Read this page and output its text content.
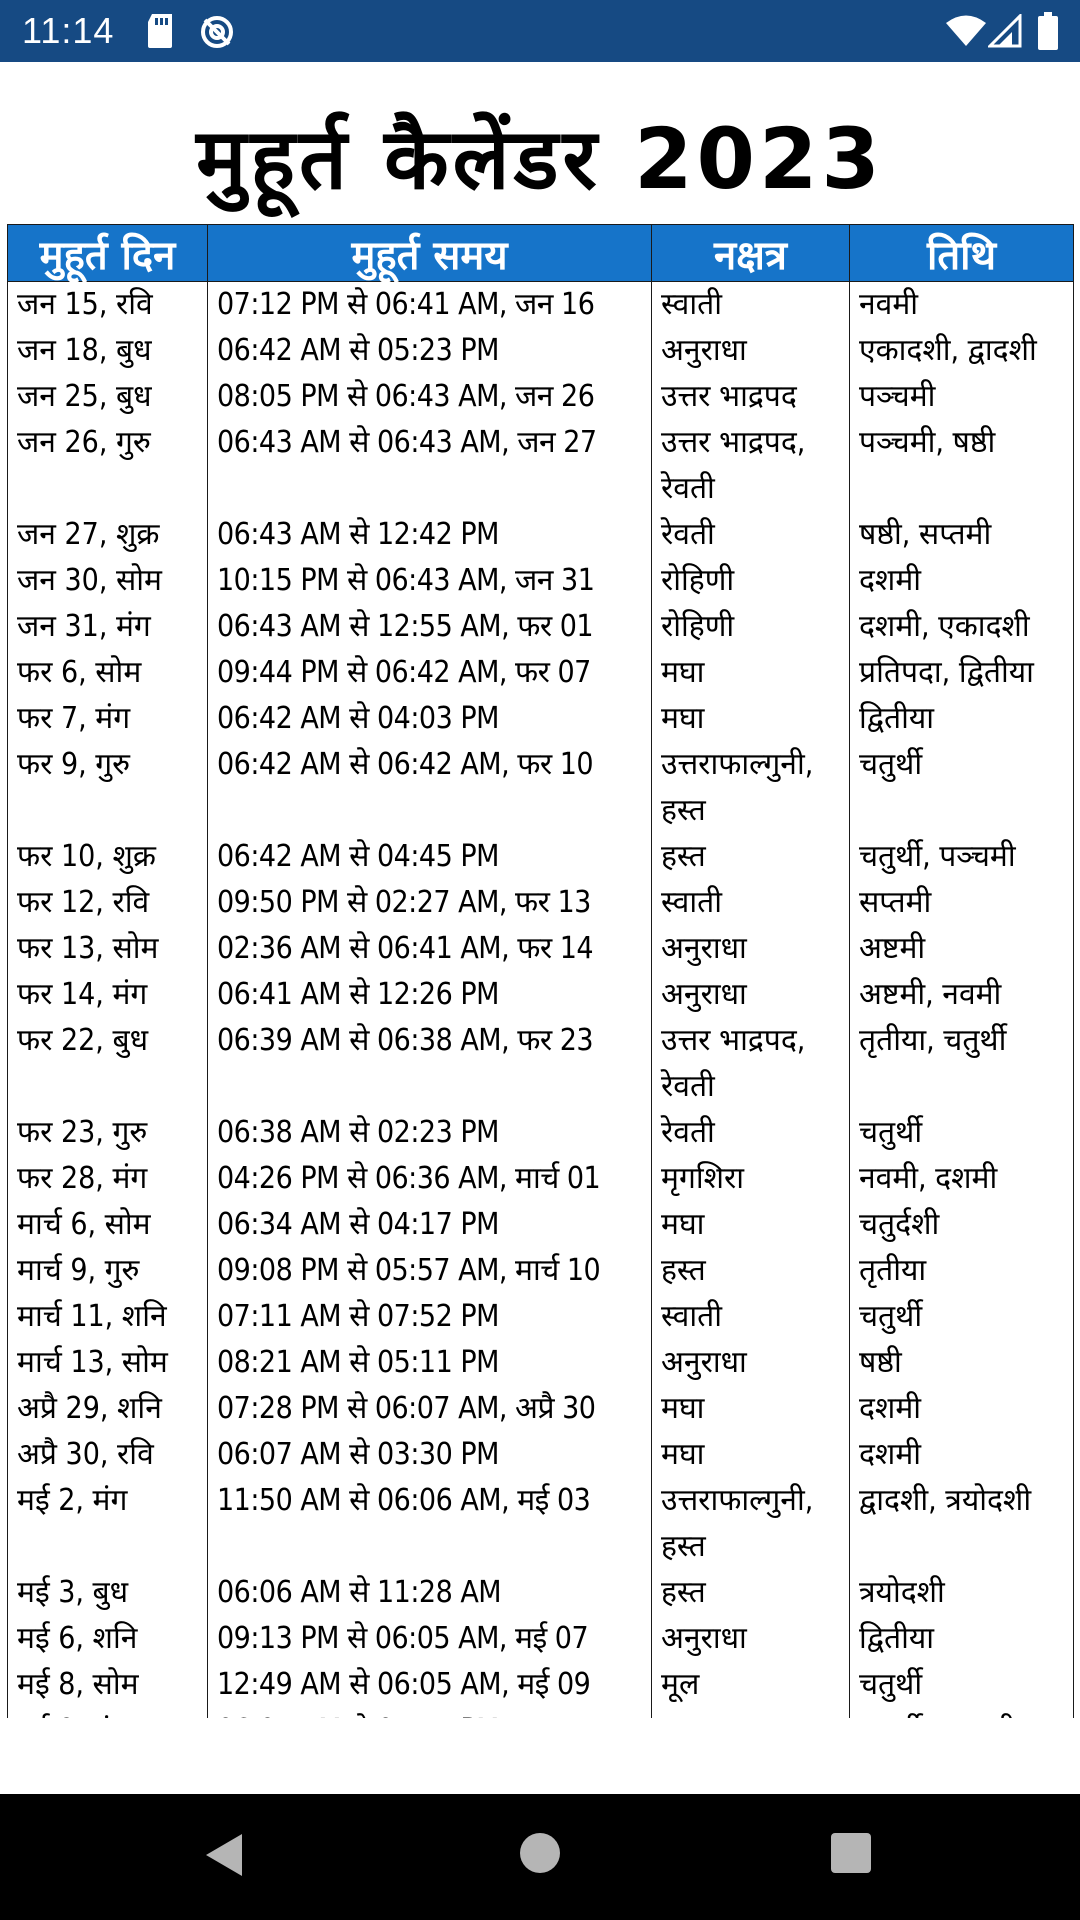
11:14
मुहूर्त कैलेंडर 2023
मुहूर्त दिन	मुहूर्त समय	नक्षत्र	तिथि
जन 15, रवि	07:12 PM से 06:41 AM, जन 16	स्वाती	नवमी
जन 18, बुध	06:42 AM से 05:23 PM	अनुराधा	एकादशी, द्वादशी
जन 25, बुध	08:05 PM से 06:43 AM, जन 26	उत्तर भाद्रपद	पञ्चमी
जन 26, गुरु	06:43 AM से 06:43 AM, जन 27	उत्तर भाद्रपद, रेवती	पञ्चमी, षष्ठी
जन 27, शुक्र	06:43 AM से 12:42 PM	रेवती	षष्ठी, सप्तमी
जन 30, सोम	10:15 PM से 06:43 AM, जन 31	रोहिणी	दशमी
जन 31, मंग	06:43 AM से 12:55 AM, फर 01	रोहिणी	दशमी, एकादशी
फर 6, सोम	09:44 PM से 06:42 AM, फर 07	मघा	प्रतिपदा, द्वितीया
फर 7, मंग	06:42 AM से 04:03 PM	मघा	द्वितीया
फर 9, गुरु	06:42 AM से 06:42 AM, फर 10	उत्तराफाल्गुनी, हस्त	चतुर्थी
फर 10, शुक्र	06:42 AM से 04:45 PM	हस्त	चतुर्थी, पञ्चमी
फर 12, रवि	09:50 PM से 02:27 AM, फर 13	स्वाती	सप्तमी
फर 13, सोम	02:36 AM से 06:41 AM, फर 14	अनुराधा	अष्टमी
फर 14, मंग	06:41 AM से 12:26 PM	अनुराधा	अष्टमी, नवमी
फर 22, बुध	06:39 AM से 06:38 AM, फर 23	उत्तर भाद्रपद, रेवती	तृतीया, चतुर्थी
फर 23, गुरु	06:38 AM से 02:23 PM	रेवती	चतुर्थी
फर 28, मंग	04:26 PM से 06:36 AM, मार्च 01	मृगशिरा	नवमी, दशमी
मार्च 6, सोम	06:34 AM से 04:17 PM	मघा	चतुर्दशी
मार्च 9, गुरु	09:08 PM से 05:57 AM, मार्च 10	हस्त	तृतीया
मार्च 11, शनि	07:11 AM से 07:52 PM	स्वाती	चतुर्थी
मार्च 13, सोम	08:21 AM से 05:11 PM	अनुराधा	षष्ठी
अप्रै 29, शनि	07:28 PM से 06:07 AM, अप्रै 30	मघा	दशमी
अप्रै 30, रवि	06:07 AM से 03:30 PM	मघा	दशमी
मई 2, मंग	11:50 AM से 06:06 AM, मई 03	उत्तराफाल्गुनी, हस्त	द्वादशी, त्रयोदशी
मई 3, बुध	06:06 AM से 11:28 AM	हस्त	त्रयोदशी
मई 6, शनि	09:13 PM से 06:05 AM, मई 07	अनुराधा	द्वितीया
मई 8, सोम	12:49 AM से 06:05 AM, मई 09	मूल	चतुर्थी
